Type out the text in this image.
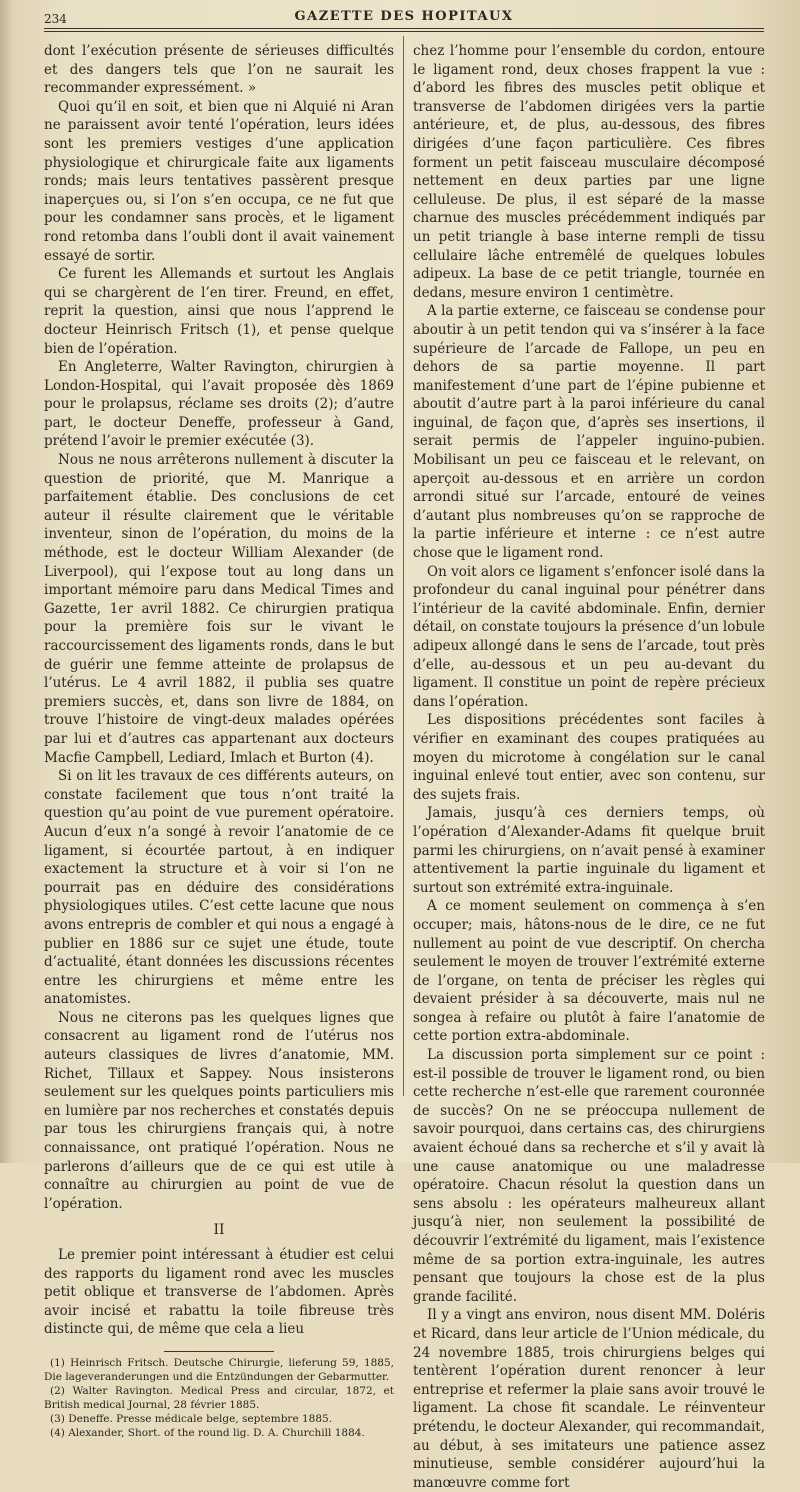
234	GAZETTE DES HOPITAUX

dont l’exécution présente de sérieuses difficultés et des dangers tels que l’on ne saurait les recommander expressément. »

Quoi qu’il en soit, et bien que ni Alquié ni Aran ne paraissent avoir tenté l’opération, leurs idées sont les premiers vestiges d’une application physiologique et chirurgicale faite aux ligaments ronds; mais leurs tentatives passèrent presque inaperçues ou, si l’on s’en occupa, ce ne fut que pour les condamner sans procès, et le ligament rond retomba dans l’oubli dont il avait vainement essayé de sortir.

Ce furent les Allemands et surtout les Anglais qui se chargèrent de l’en tirer. Freund, en effet, reprit la question, ainsi que nous l’apprend le docteur Heinrisch Fritsch (1), et pense quelque bien de l’opération.

En Angleterre, Walter Ravington, chirurgien à London-Hospital, qui l’avait proposée dès 1869 pour le prolapsus, réclame ses droits (2); d’autre part, le docteur Deneffe, professeur à Gand, prétend l’avoir le premier exécutée (3).

Nous ne nous arrêterons nullement à discuter la question de priorité, que M. Manrique a parfaitement établie. Des conclusions de cet auteur il résulte clairement que le véritable inventeur, sinon de l’opération, du moins de la méthode, est le docteur William Alexander (de Liverpool), qui l’expose tout au long dans un important mémoire paru dans Medical Times and Gazette, 1er avril 1882. Ce chirurgien pratiqua pour la première fois sur le vivant le raccourcissement des ligaments ronds, dans le but de guérir une femme atteinte de prolapsus de l’utérus. Le 4 avril 1882, il publia ses quatre premiers succès, et, dans son livre de 1884, on trouve l’histoire de vingt-deux malades opérées par lui et d’autres cas appartenant aux docteurs Macfie Campbell, Lediard, Imlach et Burton (4).

Si on lit les travaux de ces différents auteurs, on constate facilement que tous n’ont traité la question qu’au point de vue purement opératoire. Aucun d’eux n’a songé à revoir l’anatomie de ce ligament, si écourtée partout, à en indiquer exactement la structure et à voir si l’on ne pourrait pas en déduire des considérations physiologiques utiles. C’est cette lacune que nous avons entrepris de combler et qui nous a engagé à publier en 1886 sur ce sujet une étude, toute d’actualité, étant données les discussions récentes entre les chirurgiens et même entre les anatomistes.

Nous ne citerons pas les quelques lignes que consacrent au ligament rond de l’utérus nos auteurs classiques de livres d’anatomie, MM. Richet, Tillaux et Sappey. Nous insisterons seulement sur les quelques points particuliers mis en lumière par nos recherches et constatés depuis par tous les chirurgiens français qui, à notre connaissance, ont pratiqué l’opération. Nous ne parlerons d’ailleurs que de ce qui est utile à connaître au chirurgien au point de vue de l’opération.

II

Le premier point intéressant à étudier est celui des rapports du ligament rond avec les muscles petit oblique et transverse de l’abdomen. Après avoir incisé et rabattu la toile fibreuse très distincte qui, de même que cela a lieu

(1) Heinrisch Fritsch. Deutsche Chirurgie, lieferung 59, 1885, Die lageveranderungen und die Entzündungen der Gebarmutter.
(2) Walter Ravington. Medical Press and circular, 1872, et British medical Journal, 28 février 1885.
(3) Deneffe. Presse médicale belge, septembre 1885.
(4) Alexander, Short. of the round lig. D. A. Churchill 1884.

chez l’homme pour l’ensemble du cordon, entoure le ligament rond, deux choses frappent la vue : d’abord les fibres des muscles petit oblique et transverse de l’abdomen dirigées vers la partie antérieure, et, de plus, au-dessous, des fibres dirigées d’une façon particulière. Ces fibres forment un petit faisceau musculaire décomposé nettement en deux parties par une ligne celluleuse. De plus, il est séparé de la masse charnue des muscles précédemment indiqués par un petit triangle à base interne rempli de tissu cellulaire lâche entremêlé de quelques lobules adipeux. La base de ce petit triangle, tournée en dedans, mesure environ 1 centimètre.

A la partie externe, ce faisceau se condense pour aboutir à un petit tendon qui va s’insérer à la face supérieure de l’arcade de Fallope, un peu en dehors de sa partie moyenne. Il part manifestement d’une part de l’épine pubienne et aboutit d’autre part à la paroi inférieure du canal inguinal, de façon que, d’après ses insertions, il serait permis de l’appeler inguino-pubien. Mobilisant un peu ce faisceau et le relevant, on aperçoit au-dessous et en arrière un cordon arrondi situé sur l’arcade, entouré de veines d’autant plus nombreuses qu’on se rapproche de la partie inférieure et interne : ce n’est autre chose que le ligament rond.

On voit alors ce ligament s’enfoncer isolé dans la profondeur du canal inguinal pour pénétrer dans l’intérieur de la cavité abdominale. Enfin, dernier détail, on constate toujours la présence d’un lobule adipeux allongé dans le sens de l’arcade, tout près d’elle, au-dessous et un peu au-devant du ligament. Il constitue un point de repère précieux dans l’opération.

Les dispositions précédentes sont faciles à vérifier en examinant des coupes pratiquées au moyen du microtome à congélation sur le canal inguinal enlevé tout entier, avec son contenu, sur des sujets frais.

Jamais, jusqu’à ces derniers temps, où l’opération d’Alexander-Adams fit quelque bruit parmi les chirurgiens, on n’avait pensé à examiner attentivement la partie inguinale du ligament et surtout son extrémité extra-inguinale.

A ce moment seulement on commença à s’en occuper; mais, hâtons-nous de le dire, ce ne fut nullement au point de vue descriptif. On chercha seulement le moyen de trouver l’extrémité externe de l’organe, on tenta de préciser les règles qui devaient présider à sa découverte, mais nul ne songea à refaire ou plutôt à faire l’anatomie de cette portion extra-abdominale.

La discussion porta simplement sur ce point : est-il possible de trouver le ligament rond, ou bien cette recherche n’est-elle que rarement couronnée de succès? On ne se préoccupa nullement de savoir pourquoi, dans certains cas, des chirurgiens avaient échoué dans sa recherche et s’il y avait là une cause anatomique ou une maladresse opératoire. Chacun résolut la question dans un sens absolu : les opérateurs malheureux allant jusqu’à nier, non seulement la possibilité de découvrir l’extrémité du ligament, mais l’existence même de sa portion extra-inguinale, les autres pensant que toujours la chose est de la plus grande facilité.

Il y a vingt ans environ, nous disent MM. Doléris et Ricard, dans leur article de l’Union médicale, du 24 novembre 1885, trois chirurgiens belges qui tentèrent l’opération durent renoncer à leur entreprise et refermer la plaie sans avoir trouvé le ligament. La chose fit scandale. Le réinventeur prétendu, le docteur Alexander, qui recommandait, au début, à ses imitateurs une patience assez minutieuse, semble considérer aujourd’hui la manœuvre comme fort
